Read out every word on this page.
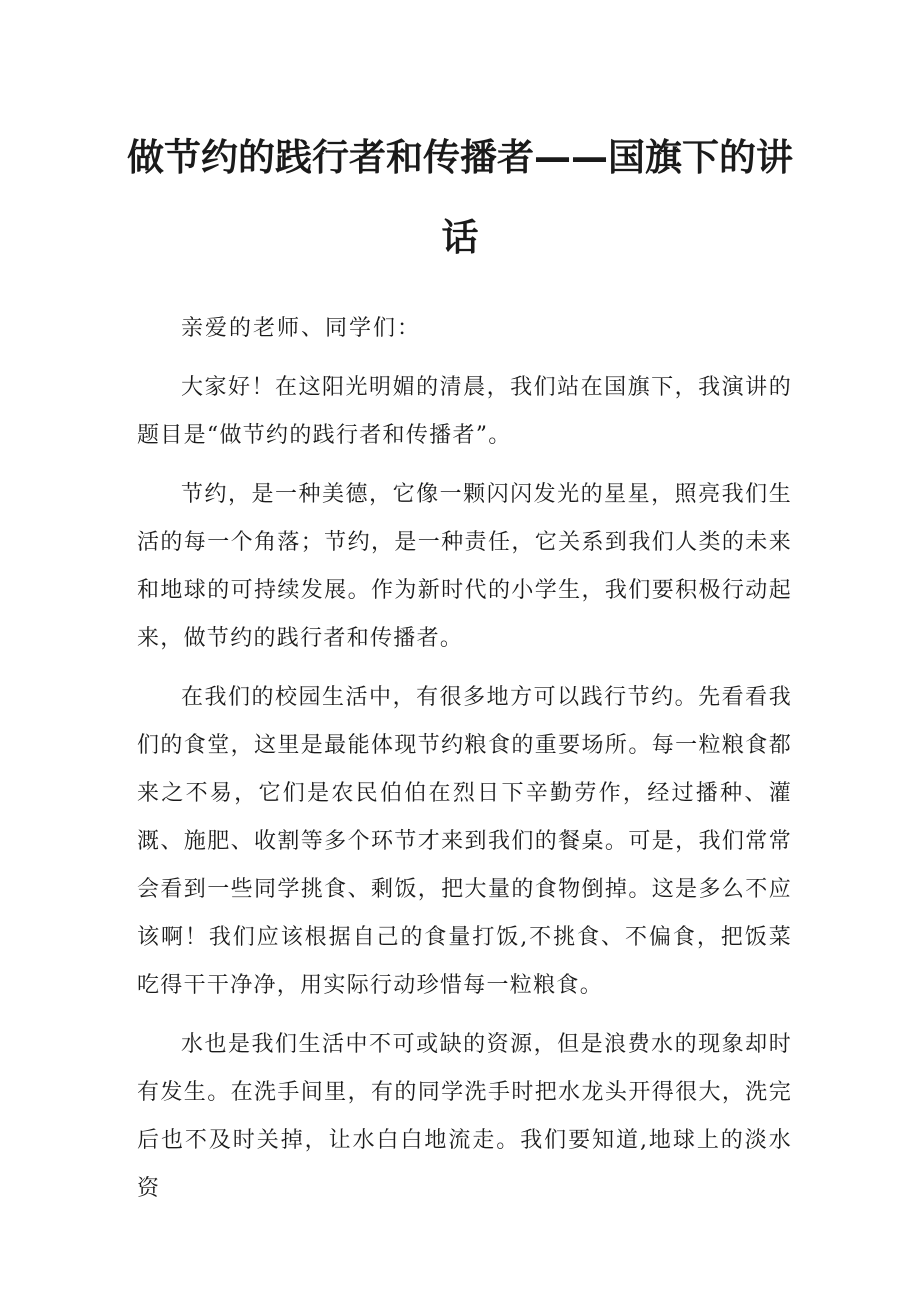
做节约的践行者和传播者——国旗下的讲话

亲爱的老师、同学们：

大家好！在这阳光明媚的清晨，我们站在国旗下，我演讲的题目是“做节约的践行者和传播者”。

节约，是一种美德，它像一颗闪闪发光的星星，照亮我们生活的每一个角落；节约，是一种责任，它关系到我们人类的未来和地球的可持续发展。作为新时代的小学生，我们要积极行动起来，做节约的践行者和传播者。

在我们的校园生活中，有很多地方可以践行节约。先看看我们的食堂，这里是最能体现节约粮食的重要场所。每一粒粮食都来之不易，它们是农民伯伯在烈日下辛勤劳作，经过播种、灌溉、施肥、收割等多个环节才来到我们的餐桌。可是，我们常常会看到一些同学挑食、剩饭，把大量的食物倒掉。这是多么不应该啊！我们应该根据自己的食量打饭,不挑食、不偏食，把饭菜吃得干干净净，用实际行动珍惜每一粒粮食。

水也是我们生活中不可或缺的资源，但是浪费水的现象却时有发生。在洗手间里，有的同学洗手时把水龙头开得很大，洗完后也不及时关掉，让水白白地流走。我们要知道,地球上的淡水资
